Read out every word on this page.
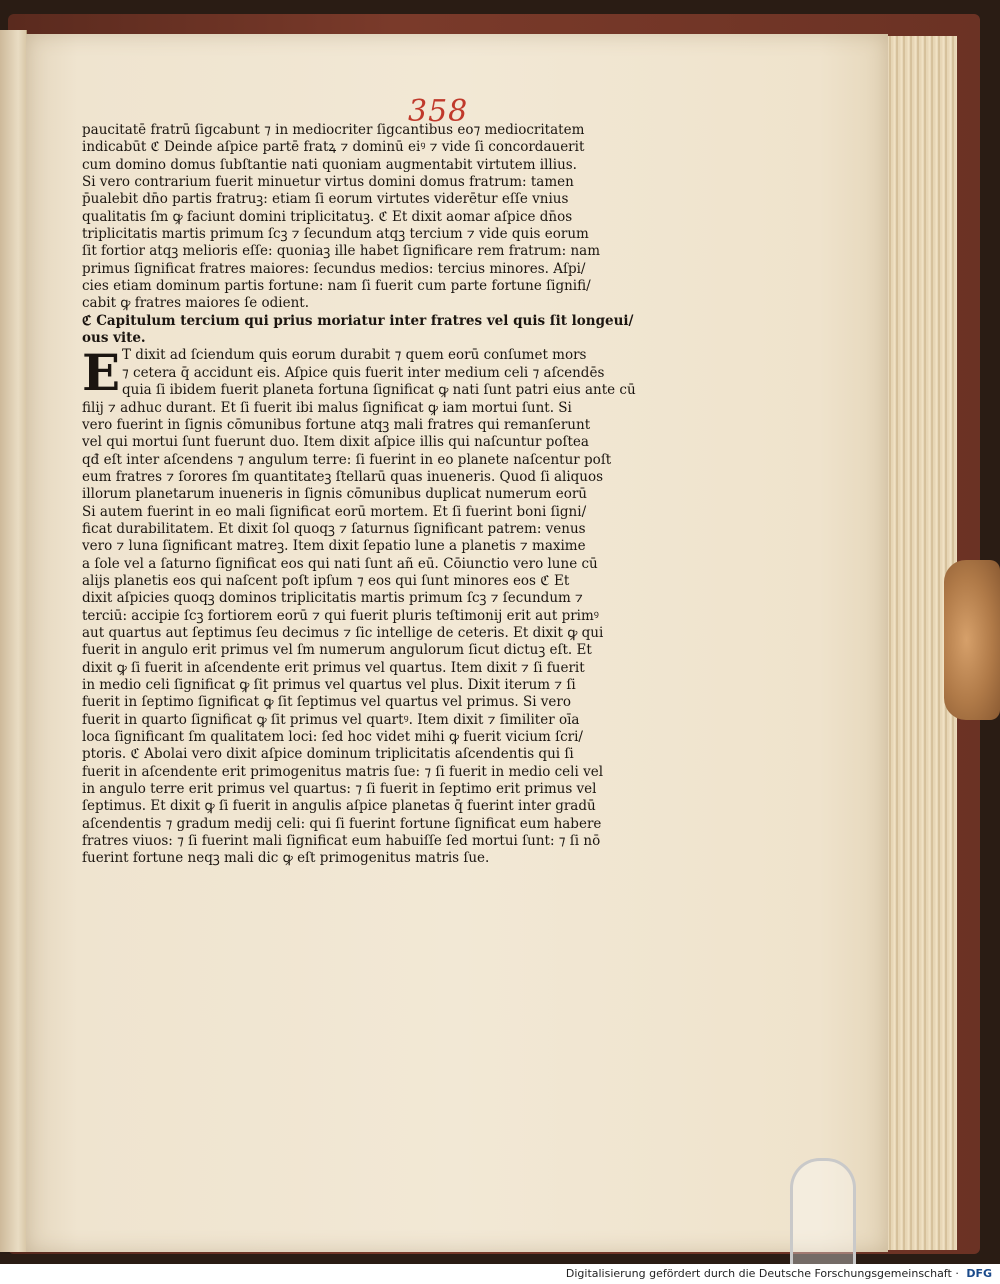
358
paucitatē fratrū ſigcabunt ⁊ in mediocriter ſigcantibus eo⁊ mediocritatem
indicabūt ℭ Deinde aſpice partē fratꝝ ⁊ dominū eiꝰ ⁊ vide ſi concordauerit
cum domino domus ſubſtantie nati quoniam augmentabit virtutem illius.
Si vero contrarium fuerit minuetur virtus domini domus fratrum: tamen
p̄ualebit dn̄o partis fratruꝫ: etiam ſi eorum virtutes viderētur eſſe vnius
qualitatis ſm ꝙ faciunt domini triplicitatuꝫ. ℭ Et dixit aomar aſpice dn̄os
triplicitatis martis primum ſcꝫ ⁊ ſecundum atqꝫ tercium ⁊ vide quis eorum
ſit fortior atqꝫ melioris eſſe: quoniaꝫ ille habet ſignificare rem fratrum: nam
primus ſignificat fratres maiores: ſecundus medios: tercius minores. Aſpi/
cies etiam dominum partis fortune: nam ſi fuerit cum parte fortune ſignifi/
cabit ꝙ fratres maiores ſe odient.
ℭ Capitulum tercium qui prius moriatur inter fratres vel quis ſit longeui/
ous vite.
E T dixit ad ſciendum quis eorum durabit ⁊ quem eorū conſumet mors
⁊ cetera q̄ accidunt eis. Aſpice quis fuerit inter medium celi ⁊ aſcendēs
quia ſi ibidem fuerit planeta fortuna ſignificat ꝙ nati ſunt patri eius ante cū
filij ⁊ adhuc durant. Et ſi fuerit ibi malus ſignificat ꝙ iam mortui ſunt. Si
vero fuerint in ſignis cōmunibus fortune atqꝫ mali fratres qui remanſerunt
vel qui mortui ſunt fuerunt duo. Item dixit aſpice illis qui naſcuntur poſtea
qđ eſt inter aſcendens ⁊ angulum terre: ſi fuerint in eo planete naſcentur poſt
eum fratres ⁊ ſorores ſm quantitateꝫ ſtellarū quas inueneris. Quod ſi aliquos
illorum planetarum inueneris in ſignis cōmunibus duplicat numerum eorū
Si autem fuerint in eo mali ſignificat eorū mortem. Et ſi fuerint boni ſigni/
ficat durabilitatem. Et dixit ſol quoqꝫ ⁊ ſaturnus ſignificant patrem: venus
vero ⁊ luna ſignificant matreꝫ. Item dixit ſepatio lune a planetis ⁊ maxime
a ſole vel a ſaturno ſignificat eos qui nati ſunt añ eū. Cōiunctio vero lune cū
alijs planetis eos qui naſcent̄ poſt ipſum ⁊ eos qui ſunt minores eos ℭ Et
dixit aſpicies quoqꝫ dominos triplicitatis martis primum ſcꝫ ⁊ ſecundum ⁊
terciū: accipie ſcꝫ fortiorem eorū ⁊ qui fuerit pluris teſtimonij erit aut primꝰ
aut quartus aut ſeptimus ſeu decimus ⁊ ſic intellige de ceteris. Et dixit ꝙ qui
fuerit in angulo erit primus vel ſm numerum angulorum ſicut dictuꝫ eſt. Et
dixit ꝙ ſi fuerit in aſcendente erit primus vel quartus. Item dixit ⁊ ſi fuerit
in medio celi ſignificat ꝙ ſit primus vel quartus vel plus. Dixit iterum ⁊ ſi
fuerit in ſeptimo ſignificat ꝙ ſit ſeptimus vel quartus vel primus. Si vero
fuerit in quarto ſignificat ꝙ ſit primus vel quartꝰ. Item dixit ⁊ ſimiliter oīa
loca ſignificant ſm qualitatem loci: ſed hoc videt̄ mihi ꝙ fuerit vicium ſcri/
ptoris. ℭ Abolai vero dixit aſpice dominum triplicitatis aſcendentis qui ſi
fuerit in aſcendente erit primogenitus matris ſue: ⁊ ſi fuerit in medio celi vel
in angulo terre erit primus vel quartus: ⁊ ſi fuerit in ſeptimo erit primus vel
ſeptimus. Et dixit ꝙ ſi fuerit in angulis aſpice planetas q̄ fuerint inter gradū
aſcendentis ⁊ gradum medij celi: qui ſi fuerint fortune ſignificat eum habere
fratres viuos: ⁊ ſi fuerint mali ſignificat eum habuiſſe ſed mortui ſunt: ⁊ ſi nō
fuerint fortune neqꝫ mali dic ꝙ eſt primogenitus matris ſue.
Digitalisierung gefördert durch die Deutsche Forschungsgemeinschaft · DFG
